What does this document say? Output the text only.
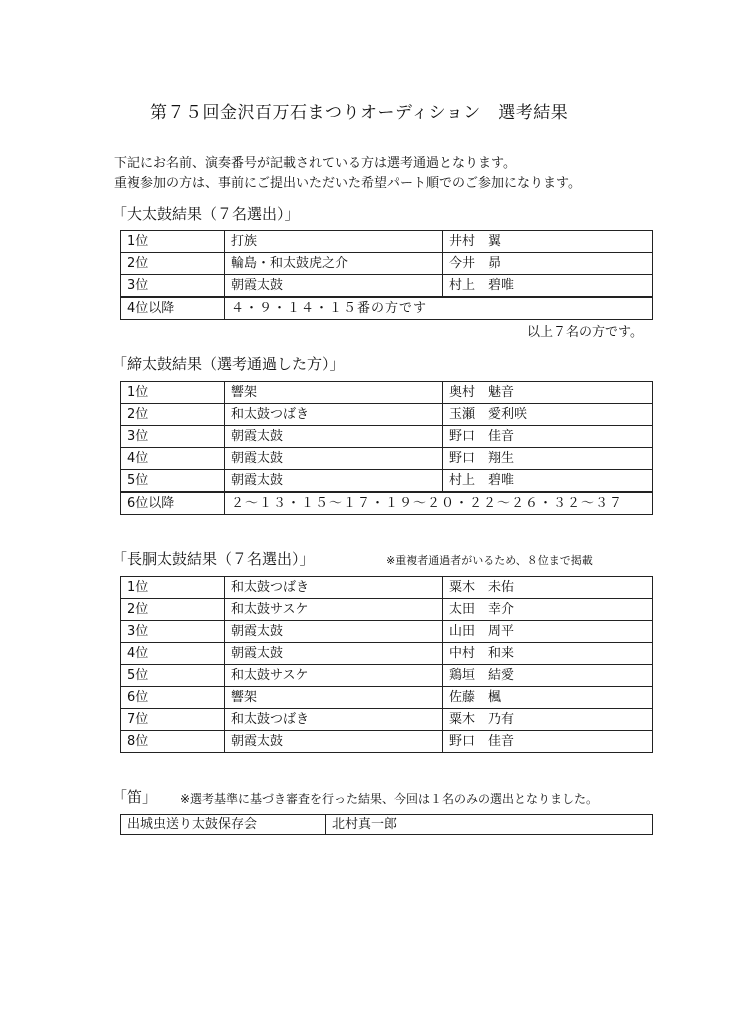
第７５回金沢百万石まつりオーディション　選考結果
下記にお名前、演奏番号が記載されている方は選考通過となります。
重複参加の方は、事前にご提出いただいた希望パート順でのご参加になります。
「大太鼓結果（７名選出）」
1位	打族	井村　翼
2位	輪島・和太鼓虎之介	今井　昴
3位	朝霞太鼓	村上　碧唯
4位以降	４・９・１４・１５番の方です	
以上７名の方です。
「締太鼓結果（選考通過した方）」
1位	響架	奥村　魅音
2位	和太鼓つばき	玉瀬　愛利咲
3位	朝霞太鼓	野口　佳音
4位	朝霞太鼓	野口　翔生
5位	朝霞太鼓	村上　碧唯
6位以降	２～１３・１５～１７・１９～２０・２２～２６・３２～３７	
「長胴太鼓結果（７名選出）」	※重複者通過者がいるため、８位まで掲載
1位	和太鼓つばき	粟木　未佑
2位	和太鼓サスケ	太田　幸介
3位	朝霞太鼓	山田　周平
4位	朝霞太鼓	中村　和来
5位	和太鼓サスケ	鶏垣　結愛
6位	響架	佐藤　楓
7位	和太鼓つばき	粟木　乃有
8位	朝霞太鼓	野口　佳音
「笛」 ※選考基準に基づき審査を行った結果、今回は１名のみの選出となりました。
出城虫送り太鼓保存会	北村真一郎
